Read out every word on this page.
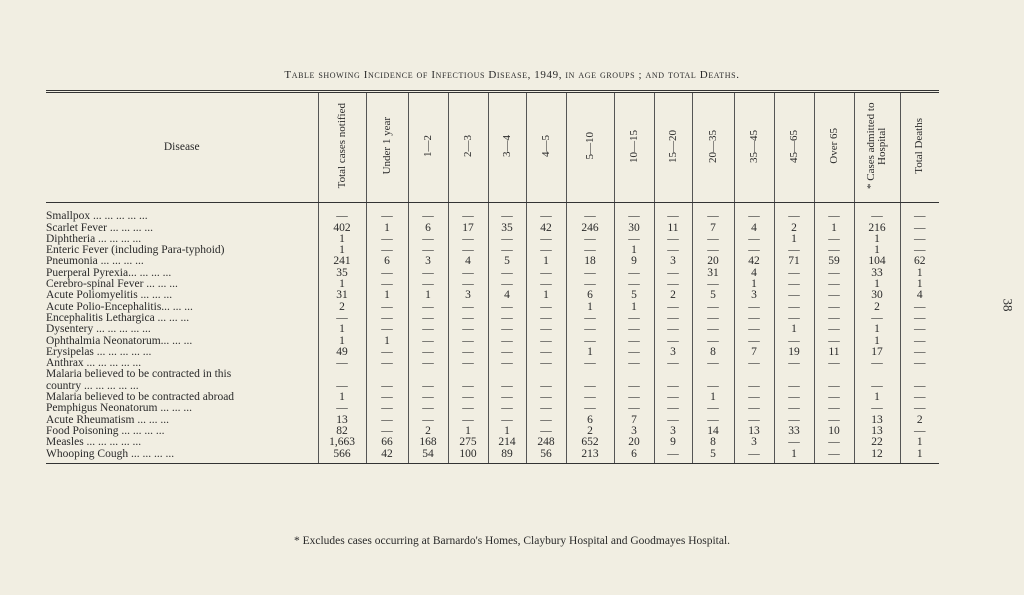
Table showing Incidence of Infectious Disease, 1949, in age groups ; and total Deaths.
38
Disease	Total cases notified	Under 1 year	1—2	2—3	3—4	4—5	5—10	10—15	15—20	20—35	35—45	45—65	Over 65	* Cases admitted to Hospital	Total Deaths
Smallpox ... ... ... ... ...	—	—	—	—	—	—	—	—	—	—	—	—	—	—	—
Scarlet Fever ... ... ... ...	402	1	6	17	35	42	246	30	11	7	4	2	1	216	—
Diphtheria ... ... ... ...	1	—	—	—	—	—	—	—	—	—	—	1	—	1	—
Enteric Fever (including Para-typhoid)	1	—	—	—	—	—	—	1	—	—	—	—	—	1	—
Pneumonia ... ... ... ...	241	6	3	4	5	1	18	9	3	20	42	71	59	104	62
Puerperal Pyrexia... ... ... ...	35	—	—	—	—	—	—	—	—	31	4	—	—	33	1
Cerebro-spinal Fever ... ... ...	1	—	—	—	—	—	—	—	—	—	1	—	—	1	1
Acute Poliomyelitis ... ... ...	31	1	1	3	4	1	6	5	2	5	3	—	—	30	4
Acute Polio-Encephalitis... ... ...	2	—	—	—	—	—	1	1	—	—	—	—	—	2	—
Encephalitis Lethargica ... ... ...	—	—	—	—	—	—	—	—	—	—	—	—	—	—	—
Dysentery ... ... ... ... ...	1	—	—	—	—	—	—	—	—	—	—	1	—	1	—
Ophthalmia Neonatorum... ... ...	1	1	—	—	—	—	—	—	—	—	—	—	—	1	—
Erysipelas ... ... ... ... ...	49	—	—	—	—	—	1	—	3	8	7	19	11	17	—
Anthrax ... ... ... ... ...	—	—	—	—	—	—	—	—	—	—	—	—	—	—	—
Malaria believed to be contracted in this															
country ... ... ... ... ...	—	—	—	—	—	—	—	—	—	—	—	—	—	—	—
Malaria believed to be contracted abroad	1	—	—	—	—	—	—	—	—	1	—	—	—	1	—
Pemphigus Neonatorum ... ... ...	—	—	—	—	—	—	—	—	—	—	—	—	—	—	—
Acute Rheumatism ... ... ...	13	—	—	—	—	—	6	7	—	—	—	—	—	13	2
Food Poisoning ... ... ... ...	82	—	2	1	1	—	2	3	3	14	13	33	10	13	—
Measles ... ... ... ... ...	1,663	66	168	275	214	248	652	20	9	8	3	—	—	22	1
Whooping Cough ... ... ... ...	566	42	54	100	89	56	213	6	—	5	—	1	—	12	1
* Excludes cases occurring at Barnardo's Homes, Claybury Hospital and Goodmayes Hospital.
